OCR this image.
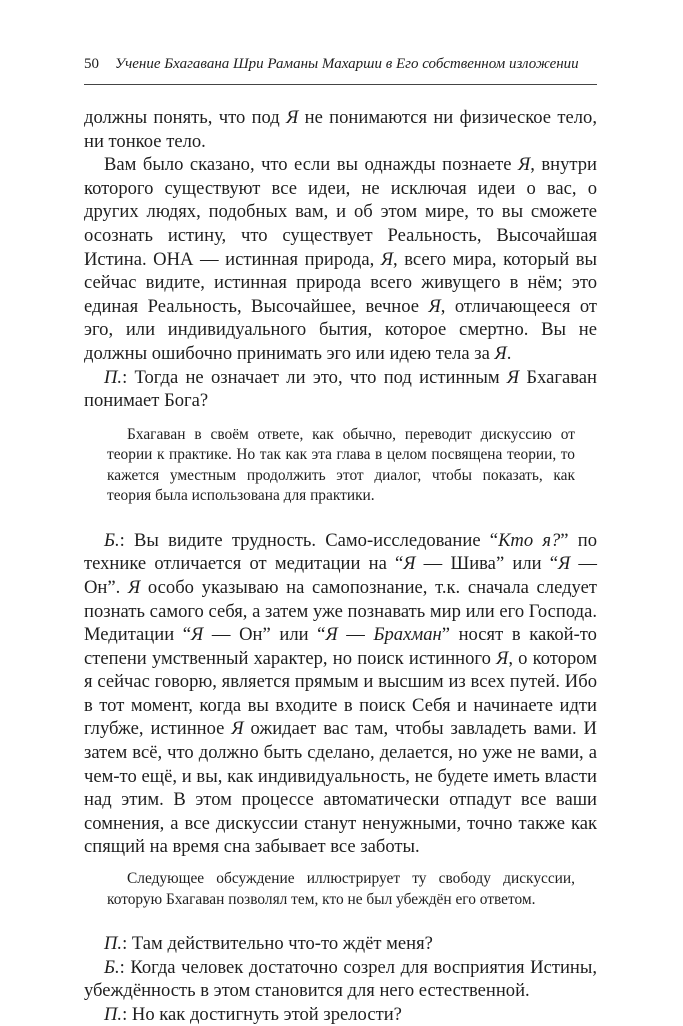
50 Учение Бхагавана Шри Раманы Махарши в Его собственном изложении

должны понять, что под Я не понимаются ни физическое тело, ни тонкое тело.

Вам было сказано, что если вы однажды познаете Я, внутри которого существуют все идеи, не исключая идеи о вас, о других людях, подобных вам, и об этом мире, то вы сможете осознать истину, что существует Реальность, Высочайшая Истина. ОНА — истинная природа, Я, всего мира, который вы сейчас видите, истинная природа всего живущего в нём; это единая Реальность, Высочайшее, вечное Я, отличающееся от эго, или индивидуального бытия, которое смертно. Вы не должны ошибочно принимать эго или идею тела за Я.

П.: Тогда не означает ли это, что под истинным Я Бхагаван понимает Бога?

Бхагаван в своём ответе, как обычно, переводит дискуссию от теории к практике. Но так как эта глава в целом посвящена теории, то кажется уместным продолжить этот диалог, чтобы показать, как теория была использована для практики.

Б.: Вы видите трудность. Само-исследование “Кто я?” по технике отличается от медитации на “Я — Шива” или “Я — Он”. Я особо указываю на самопознание, т.к. сначала следует познать самого себя, а затем уже познавать мир или его Господа. Медитации “Я — Он” или “Я — Брахман” носят в какой-то степени умственный характер, но поиск истинного Я, о котором я сейчас говорю, является прямым и высшим из всех путей. Ибо в тот момент, когда вы входите в поиск Себя и начинаете идти глубже, истинное Я ожидает вас там, чтобы завладеть вами. И затем всё, что должно быть сделано, делается, но уже не вами, а чем-то ещё, и вы, как индивидуальность, не будете иметь власти над этим. В этом процессе автоматически отпадут все ваши сомнения, а все дискуссии станут ненужными, точно также как спящий на время сна забывает все заботы.

Следующее обсуждение иллюстрирует ту свободу дискуссии, которую Бхагаван позволял тем, кто не был убеждён его ответом.

П.: Там действительно что-то ждёт меня?

Б.: Когда человек достаточно созрел для восприятия Истины, убеждённость в этом становится для него естественной.

П.: Но как достигнуть этой зрелости?
